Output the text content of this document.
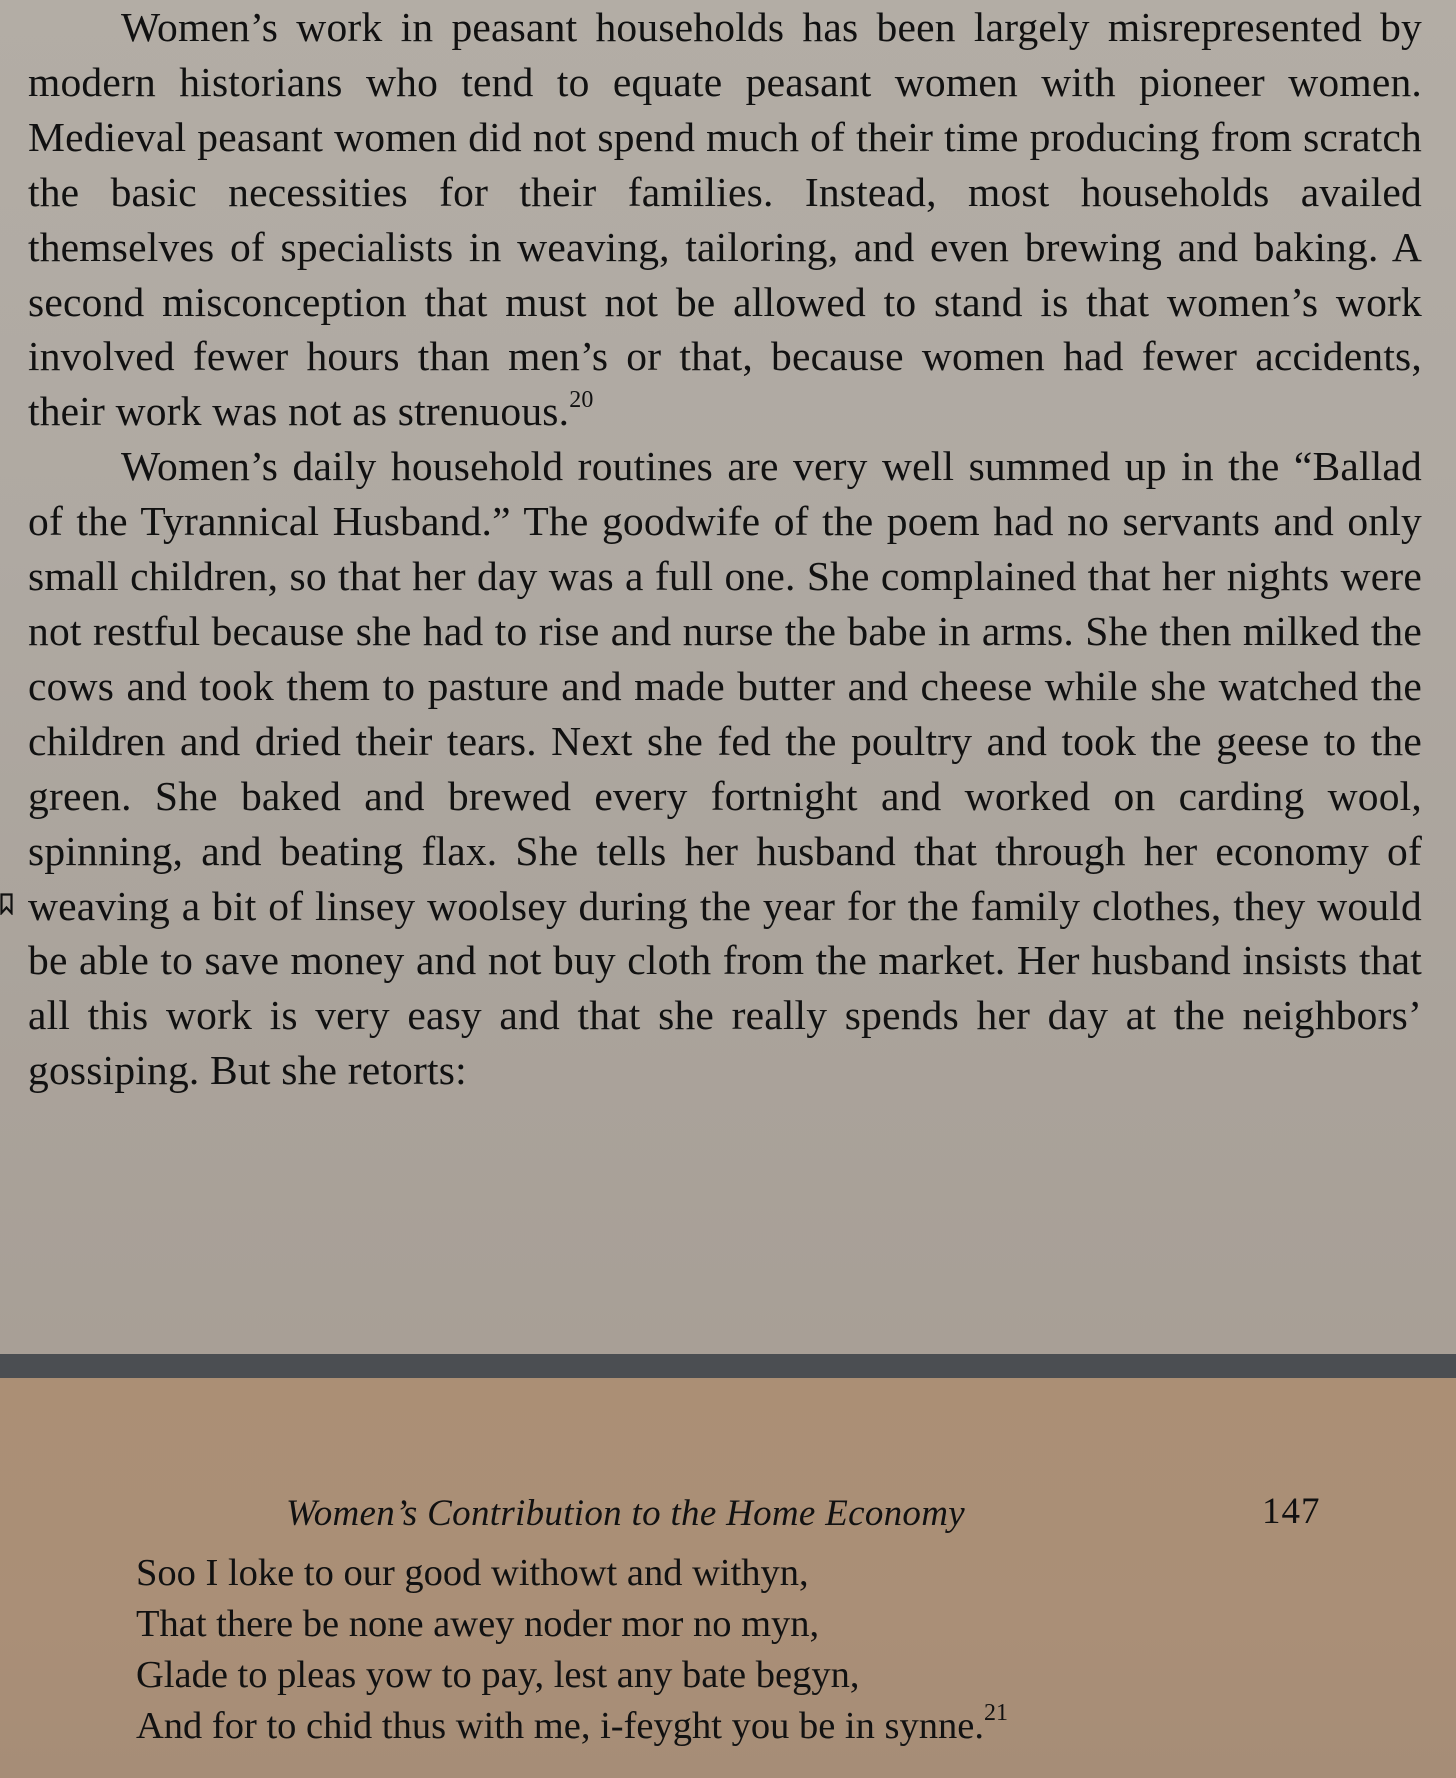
Women’s work in peasant households has been largely misrepresented by modern historians who tend to equate peasant women with pioneer women. Medieval peasant women did not spend much of their time producing from scratch the basic necessities for their families. Instead, most households availed themselves of specialists in weaving, tailoring, and even brewing and baking. A second misconception that must not be allowed to stand is that women’s work involved fewer hours than men’s or that, because women had fewer accidents, their work was not as strenuous.$^{20}$

Women’s daily household routines are very well summed up in the “Ballad of the Tyrannical Husband.” The goodwife of the poem had no servants and only small children, so that her day was a full one. She complained that her nights were not restful because she had to rise and nurse the babe in arms. She then milked the cows and took them to pasture and made butter and cheese while she watched the children and dried their tears. Next she fed the poultry and took the geese to the green. She baked and brewed every fortnight and worked on carding wool, spinning, and beating flax. She tells her husband that through her economy of weaving a bit of linsey woolsey during the year for the family clothes, they would be able to save money and not buy cloth from the market. Her husband insists that all this work is very easy and that she really spends her day at the neighbors’ gossiping. But she retorts:

Women’s Contribution to the Home Economy	147
Soo I loke to our good withowt and withyn,
That there be none awey noder mor no myn,
Glade to pleas yow to pay, lest any bate begyn,
And for to chid thus with me, i-feyght you be in synne.$^{21}$
